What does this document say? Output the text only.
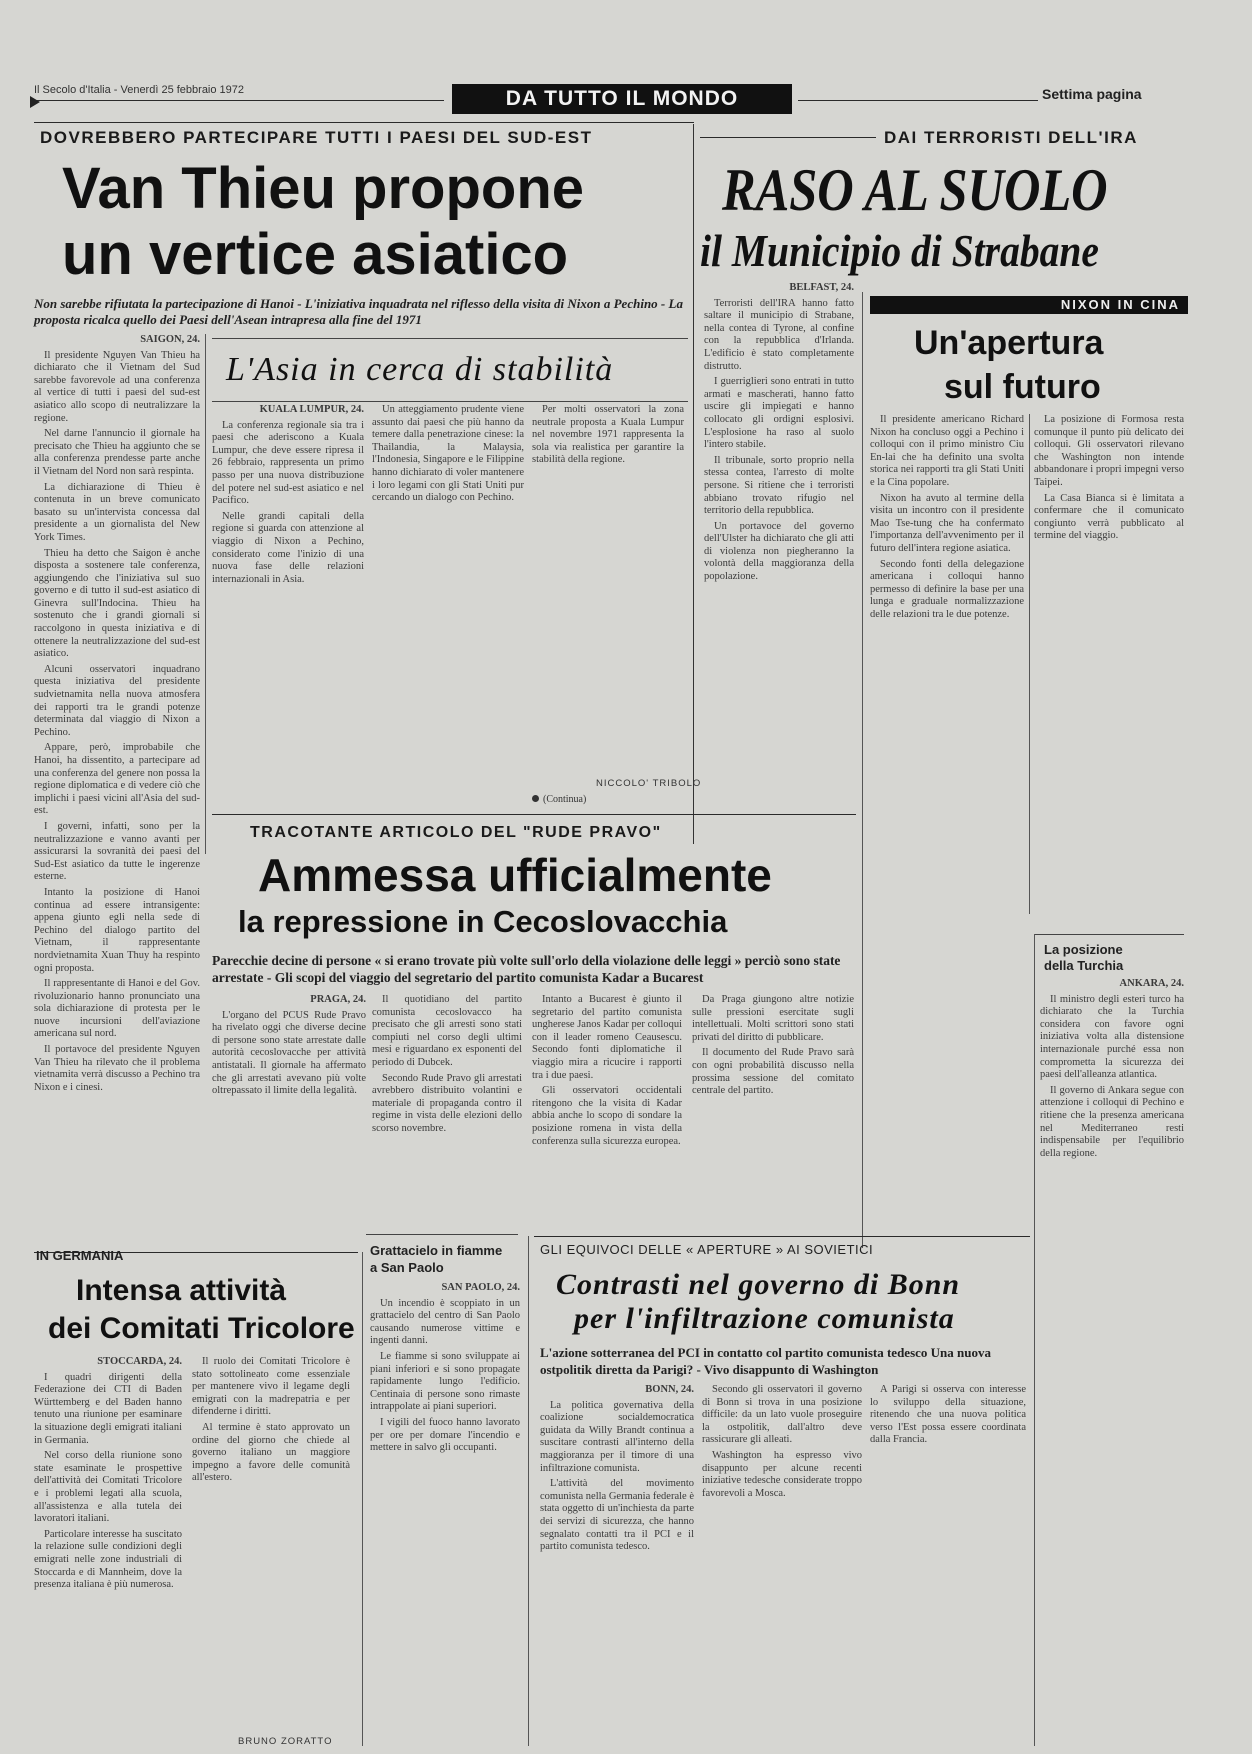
Il Secolo d'Italia - Venerdì 25 febbraio 1972	DA TUTTO IL MONDO	Settima pagina
DOVREBBERO PARTECIPARE TUTTI I PAESI DEL SUD-EST
Van Thieu propone
un vertice asiatico
Non sarebbe rifiutata la partecipazione di Hanoi - L'iniziativa inquadrata nel riflesso della visita di Nixon a Pechino - La proposta ricalca quello dei Paesi dell'Asean intrapresa alla fine del 1971

SAIGON, 24.

Il presidente Nguyen Van Thieu ha dichiarato che il Vietnam del Sud sarebbe favorevole ad una conferenza al vertice di tutti i paesi del sud-est asiatico allo scopo di neutralizzare la regione.

Nel darne l'annuncio il giornale ha precisato che Thieu ha aggiunto che se alla conferenza prendesse parte anche il Vietnam del Nord non sarà respinta.

La dichiarazione di Thieu è contenuta in un breve comunicato basato su un'intervista concessa dal presidente a un giornalista del New York Times.

Thieu ha detto che Saigon è anche disposta a sostenere tale conferenza, aggiungendo che l'iniziativa sul suo governo e di tutto il sud-est asiatico di Ginevra sull'Indocina. Thieu ha sostenuto che i grandi giornali si raccolgono in questa iniziativa e di ottenere la neutralizzazione del sud-est asiatico.

Alcuni osservatori inquadrano questa iniziativa del presidente sudvietnamita nella nuova atmosfera dei rapporti tra le grandi potenze determinata dal viaggio di Nixon a Pechino.

Appare, però, improbabile che Hanoi, ha dissentito, a partecipare ad una conferenza del genere non possa la regione diplomatica e di vedere ciò che implichi i paesi vicini all'Asia del sud-est.

I governi, infatti, sono per la neutralizzazione e vanno avanti per assicurarsi la sovranità dei paesi del Sud-Est asiatico da tutte le ingerenze esterne.

Intanto la posizione di Hanoi continua ad essere intransigente: appena giunto egli nella sede di Pechino del dialogo partito del Vietnam, il rappresentante nordvietnamita Xuan Thuy ha respinto ogni proposta.

Il rappresentante di Hanoi e del Gov. rivoluzionario hanno pronunciato una sola dichiarazione di protesta per le nuove incursioni dell'aviazione americana sul nord.

Il portavoce del presidente Nguyen Van Thieu ha rilevato che il problema vietnamita verrà discusso a Pechino tra Nixon e i cinesi.

L'Asia in cerca di stabilità

KUALA LUMPUR, 24.

La conferenza regionale sia tra i paesi che aderiscono a Kuala Lumpur, che deve essere ripresa il 26 febbraio, rappresenta un primo passo per una nuova distribuzione del potere nel sud-est asiatico e nel Pacifico.

Nelle grandi capitali della regione si guarda con attenzione al viaggio di Nixon a Pechino, considerato come l'inizio di una nuova fase delle relazioni internazionali in Asia.

Un atteggiamento prudente viene assunto dai paesi che più hanno da temere dalla penetrazione cinese: la Thailandia, la Malaysia, l'Indonesia, Singapore e le Filippine hanno dichiarato di voler mantenere i loro legami con gli Stati Uniti pur cercando un dialogo con Pechino.

Per molti osservatori la zona neutrale proposta a Kuala Lumpur nel novembre 1971 rappresenta la sola via realistica per garantire la stabilità della regione.

NICCOLO' TRIBOLO
(Continua)
DAI TERRORISTI DELL'IRA
RASO AL SUOLO
il Municipio di Strabane

BELFAST, 24.

Terroristi dell'IRA hanno fatto saltare il municipio di Strabane, nella contea di Tyrone, al confine con la repubblica d'Irlanda. L'edificio è stato completamente distrutto.

I guerriglieri sono entrati in tutto armati e mascherati, hanno fatto uscire gli impiegati e hanno collocato gli ordigni esplosivi. L'esplosione ha raso al suolo l'intero stabile.

Il tribunale, sorto proprio nella stessa contea, l'arresto di molte persone. Si ritiene che i terroristi abbiano trovato rifugio nel territorio della repubblica.

Un portavoce del governo dell'Ulster ha dichiarato che gli atti di violenza non piegheranno la volontà della maggioranza della popolazione.

NIXON IN CINA
Un'apertura
sul futuro

Il presidente americano Richard Nixon ha concluso oggi a Pechino i colloqui con il primo ministro Ciu En-lai che ha definito una svolta storica nei rapporti tra gli Stati Uniti e la Cina popolare.

Nixon ha avuto al termine della visita un incontro con il presidente Mao Tse-tung che ha confermato l'importanza dell'avvenimento per il futuro dell'intera regione asiatica.

Secondo fonti della delegazione americana i colloqui hanno permesso di definire la base per una lunga e graduale normalizzazione delle relazioni tra le due potenze.

La posizione di Formosa resta comunque il punto più delicato dei colloqui. Gli osservatori rilevano che Washington non intende abbandonare i propri impegni verso Taipei.

La Casa Bianca si è limitata a confermare che il comunicato congiunto verrà pubblicato al termine del viaggio.

La posizione
della Turchia

ANKARA, 24.

Il ministro degli esteri turco ha dichiarato che la Turchia considera con favore ogni iniziativa volta alla distensione internazionale purché essa non comprometta la sicurezza dei paesi dell'alleanza atlantica.

Il governo di Ankara segue con attenzione i colloqui di Pechino e ritiene che la presenza americana nel Mediterraneo resti indispensabile per l'equilibrio della regione.

TRACOTANTE ARTICOLO DEL "RUDE PRAVO"
Ammessa ufficialmente
la repressione in Cecoslovacchia
Parecchie decine di persone « si erano trovate più volte sull'orlo della violazione delle leggi » perciò sono state arrestate - Gli scopi del viaggio del segretario del partito comunista Kadar a Bucarest

PRAGA, 24.

L'organo del PCUS Rude Pravo ha rivelato oggi che diverse decine di persone sono state arrestate dalle autorità cecoslovacche per attività antistatali. Il giornale ha affermato che gli arrestati avevano più volte oltrepassato il limite della legalità.

Il quotidiano del partito comunista cecoslovacco ha precisato che gli arresti sono stati compiuti nel corso degli ultimi mesi e riguardano ex esponenti del periodo di Dubcek.

Secondo Rude Pravo gli arrestati avrebbero distribuito volantini e materiale di propaganda contro il regime in vista delle elezioni dello scorso novembre.

Intanto a Bucarest è giunto il segretario del partito comunista ungherese Janos Kadar per colloqui con il leader romeno Ceausescu. Secondo fonti diplomatiche il viaggio mira a ricucire i rapporti tra i due paesi.

Gli osservatori occidentali ritengono che la visita di Kadar abbia anche lo scopo di sondare la posizione romena in vista della conferenza sulla sicurezza europea.

Da Praga giungono altre notizie sulle pressioni esercitate sugli intellettuali. Molti scrittori sono stati privati del diritto di pubblicare.

Il documento del Rude Pravo sarà con ogni probabilità discusso nella prossima sessione del comitato centrale del partito.

IN GERMANIA
Intensa attività
dei Comitati Tricolore

STOCCARDA, 24.

I quadri dirigenti della Federazione dei CTI di Baden Württemberg e del Baden hanno tenuto una riunione per esaminare la situazione degli emigrati italiani in Germania.

Nel corso della riunione sono state esaminate le prospettive dell'attività dei Comitati Tricolore e i problemi legati alla scuola, all'assistenza e alla tutela dei lavoratori italiani.

Particolare interesse ha suscitato la relazione sulle condizioni degli emigrati nelle zone industriali di Stoccarda e di Mannheim, dove la presenza italiana è più numerosa.

Il ruolo dei Comitati Tricolore è stato sottolineato come essenziale per mantenere vivo il legame degli emigrati con la madrepatria e per difenderne i diritti.

Al termine è stato approvato un ordine del giorno che chiede al governo italiano un maggiore impegno a favore delle comunità all'estero.

BRUNO ZORATTO
Grattacielo in fiamme
a San Paolo

SAN PAOLO, 24.

Un incendio è scoppiato in un grattacielo del centro di San Paolo causando numerose vittime e ingenti danni.

Le fiamme si sono sviluppate ai piani inferiori e si sono propagate rapidamente lungo l'edificio. Centinaia di persone sono rimaste intrappolate ai piani superiori.

I vigili del fuoco hanno lavorato per ore per domare l'incendio e mettere in salvo gli occupanti.

GLI EQUIVOCI DELLE « APERTURE » AI SOVIETICI
Contrasti nel governo di Bonn
per l'infiltrazione comunista
L'azione sotterranea del PCI in contatto col partito comunista tedesco Una nuova ostpolitik diretta da Parigi? - Vivo disappunto di Washington

BONN, 24.

La politica governativa della coalizione socialdemocratica guidata da Willy Brandt continua a suscitare contrasti all'interno della maggioranza per il timore di una infiltrazione comunista.

L'attività del movimento comunista nella Germania federale è stata oggetto di un'inchiesta da parte dei servizi di sicurezza, che hanno segnalato contatti tra il PCI e il partito comunista tedesco.

Secondo gli osservatori il governo di Bonn si trova in una posizione difficile: da un lato vuole proseguire la ostpolitik, dall'altro deve rassicurare gli alleati.

Washington ha espresso vivo disappunto per alcune recenti iniziative tedesche considerate troppo favorevoli a Mosca.

A Parigi si osserva con interesse lo sviluppo della situazione, ritenendo che una nuova politica verso l'Est possa essere coordinata dalla Francia.
